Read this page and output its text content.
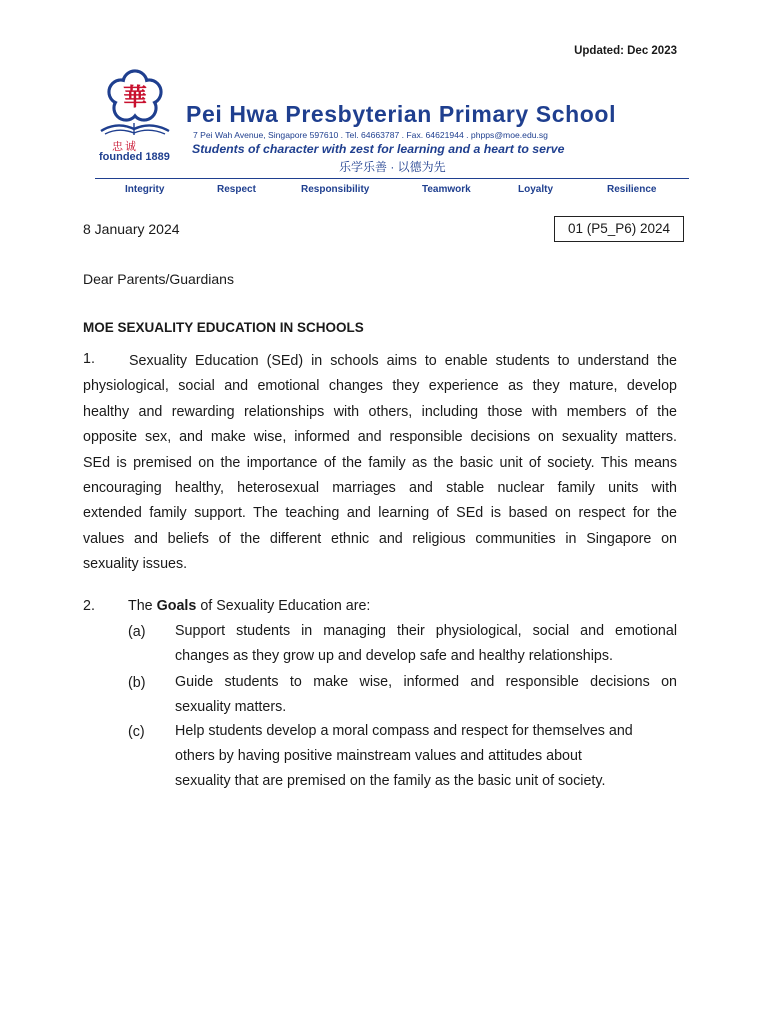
Updated: Dec 2023
華
忠诚
founded 1889
Pei Hwa Presbyterian Primary School
7 Pei Wah Avenue, Singapore 597610 . Tel. 64663787 . Fax. 64621944 . phpps@moe.edu.sg
Students of character with zest for learning and a heart to serve
乐学乐善 · 以德为先
Integrity	Respect	Responsibility	Teamwork	Loyalty	Resilience
8 January 2024	01 (P5_P6) 2024
Dear Parents/Guardians
MOE SEXUALITY EDUCATION IN SCHOOLS
1.	Sexuality Education (SEd) in schools aims to enable students to understand the
physiological, social and emotional changes they experience as they mature, develop
healthy and rewarding relationships with others, including those with members of the
opposite sex, and make wise, informed and responsible decisions on sexuality matters.
SEd is premised on the importance of the family as the basic unit of society. This means
encouraging healthy, heterosexual marriages and stable nuclear family units with
extended family support. The teaching and learning of SEd is based on respect for the
values and beliefs of the different ethnic and religious communities in Singapore on
sexuality issues.
2. The Goals of Sexuality Education are:
(a) Support students in managing their physiological, social and emotional
changes as they grow up and develop safe and healthy relationships.
(b) Guide students to make wise, informed and responsible decisions on
sexuality matters.
(c) Help students develop a moral compass and respect for themselves and
others by having positive mainstream values and attitudes about
sexuality that are premised on the family as the basic unit of society.
